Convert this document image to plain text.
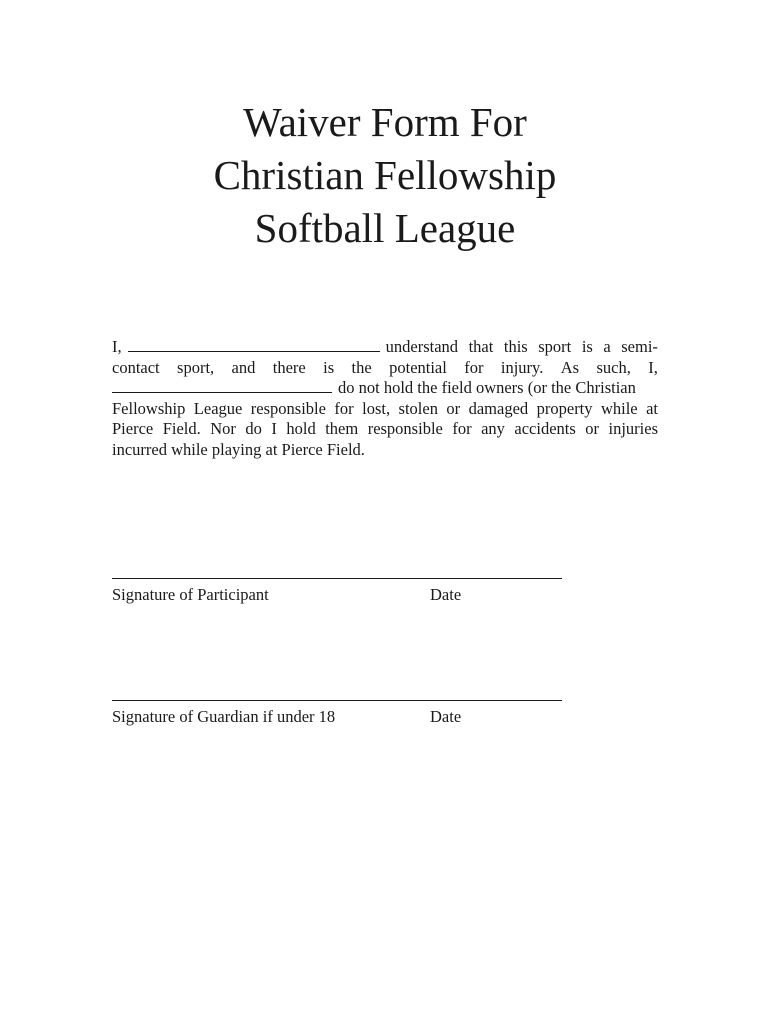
Waiver Form For
Christian Fellowship
Softball League
I,	understand that this sport is a semi-
contact sport, and there is the potential for injury. As such, I,
do not hold the field owners (or the Christian
Fellowship League responsible for lost, stolen or damaged property while at
Pierce Field. Nor do I hold them responsible for any accidents or injuries
incurred while playing at Pierce Field.
Signature of Participant	Date
Signature of Guardian if under 18	Date
